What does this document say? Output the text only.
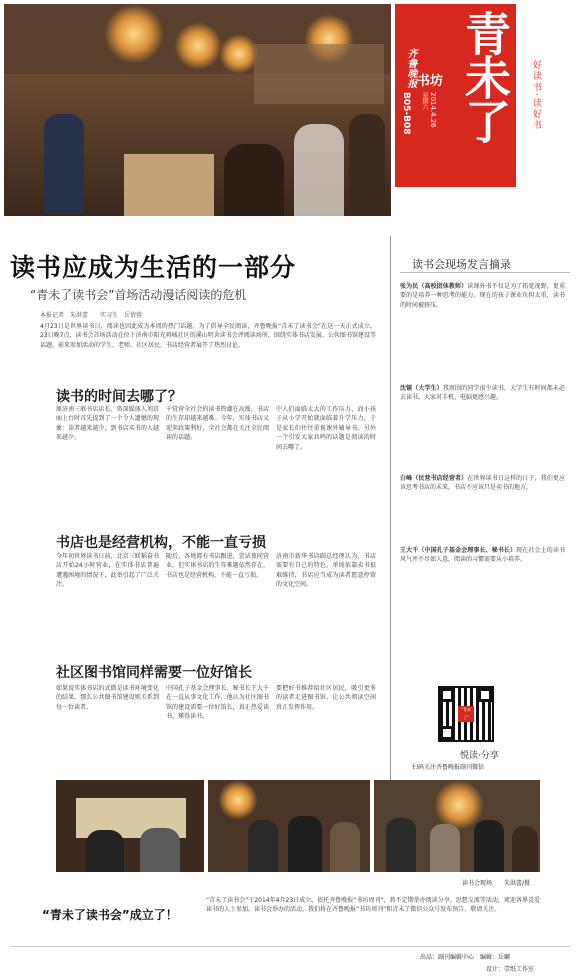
青未了
齐鲁晚报 书坊
星期六 2014.4.26
B05-B08	好读书·读好书
读书应成为生活的一部分
“青未了读书会”首场活动漫话阅读的危机
本报记者　朱洪蕾　　实习生　岳倩蓉
4月23日是世界读书日，阅读也因此成为本周的热门话题。为了倡导全民阅读，齐鲁晚报“青未了读书会”在这一天正式成立。23日晚7点，读书会首场活动在位于济南市阳光舜城社区的溪山明舍读书会评阅读场所，围绕实体书店发展、公共图书馆建设等话题，前来参加活动的学生、老师、社区居民、书店经营者展开了热烈讨论。
读书的时间去哪了？
原济南三联书店店长、资深媒体人刘京丽上台时首先提到了一个令人遗憾的现象：读者越来越少，到书店买书的人越来越少。
千赏营全社会的读书热潮在高涨，书店的生存却越来越难。今年，实体书店又迎来政策利好，全社会都在关注全民阅读的话题。
中人们面临太大的工作压力，而小孩子从小学开始就面临着升学压力，于是家长们往往重视课外辅导书。另外一个引发大家共鸣的话题是阅读的时间去哪了。
书店也是经营机构，不能一直亏损
今年初世界读书日前，北京三联韬奋书店开始24小时营业，在实体书店普遍遭遇困境的情况下，此举引起了广泛关注。
随后，各地都有书店跟进，尝试夜间营业。但实体书店的生存难题依然存在，书店也是经营机构，不能一直亏损。
济南市新华书店副总经理认为，书店需要有自己的特色，单纯依靠卖书很难维持，书店应当成为读者愿意停留的文化空间。
社区图书馆同样需要一位好馆长
如果说实体书店的式微是读书环境变化的结果，那么公共图书馆建设则关系到每一位读者。
中国孔子基金会理事长、秘书长王大千在一直从事文化工作，他认为社区图书馆的建设需要一位好馆长，真正热爱读书、懂得读书。
要把好书推荐给社区居民，吸引更多的读者走进图书馆，让公共阅读空间真正发挥作用。
读书会现场发言摘录
张为民（高校团体教师）读课外书不仅是为了拓宽视野，更重要的是培养一种思考的能力。现在的孩子课业负担太重，读书的时间被挤压。
沈镇（大学生）我周围的同学很少读书，大学生有时间都未必去读书，大家对手机、电脑更感兴趣。
白峰（民营书店经营者）在世界读书日这样的日子，我们更应该思考书店的未来，书店不应该只是卖书的地方。
王大千（中国孔子基金会理事长、秘书长）现在社会上的读书风气并不尽如人意，阅读的习惯需要从小培养。
“青未了”
悦读·分享
扫码关注齐鲁晚报副刊微信
读书会现场　　朱洪蕾/摄
“青未了读书会”成立了！
“青未了读书会”于2014年4月23日成立，依托齐鲁晚报“书坊周刊”，将不定期举办阅读分享、思想交流等活动，欢迎各界喜爱读书的人士参加。读书会举办的活动、我们将在齐鲁晚报“书坊周刊”和青未了微信公众号发布预告，敬请关注。
出品：副刊编辑中心　编辑：岳麟
设计：壹纸工作室
